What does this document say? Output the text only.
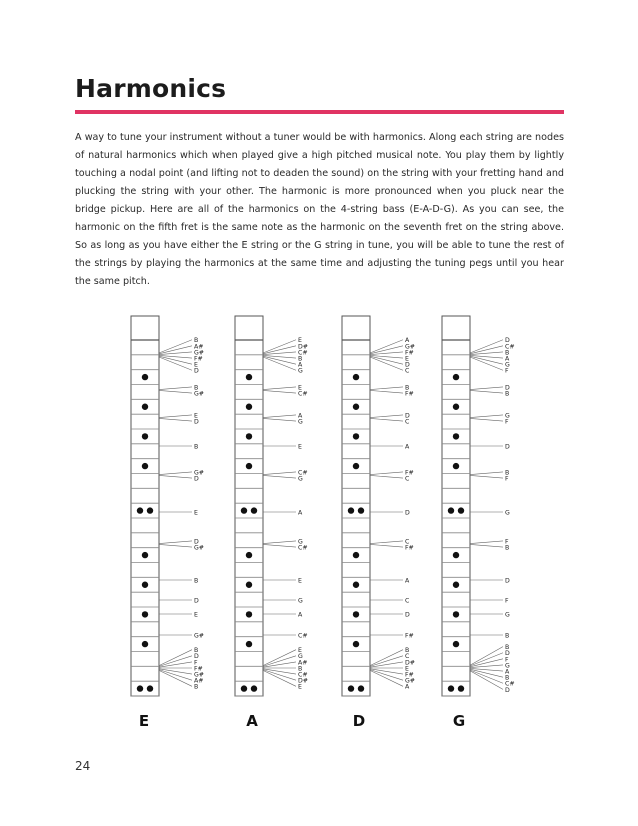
Harmonics

A way to tune your instrument without a tuner would be with harmonics. Along each string are nodes of natural harmonics which when played give a high pitched musical note. You play them by lightly touching a nodal point (and lifting not to deaden the sound) on the string with your fretting hand and plucking the string with your other. The harmonic is more pronounced when you pluck near the bridge pickup. Here are all of the harmonics on the 4-string bass (E-A-D-G). As you can see, the harmonic on the fifth fret is the same note as the harmonic on the seventh fret on the string above. So as long as you have either the E string or the G string in tune, you will be able to tune the rest of the strings by playing the harmonics at the same time and adjusting the tuning pegs until you hear the same pitch.

B
A#
G#
F#
E
D
B
G#
E
D
B
G#
D
E
D
G#
B
D
E
G#
B
D
F
F#
G#
A#
B
E
D#
C#
B
A
G
E
C#
A
G
E
C#
G
A
G
C#
E
G
A
C#
E
G
A#
B
C#
D#
E
A
G#
F#
E
D
C
B
F#
D
C
A
F#
C
D
C
F#
A
C
D
F#
B
C
D#
E
F#
G#
A
D
C#
B
A
G
F
D
B
G
F
D
B
F
G
F
B
D
F
G
B
B
D
F
G
A
B
C#
D
E	A	D	G
24
